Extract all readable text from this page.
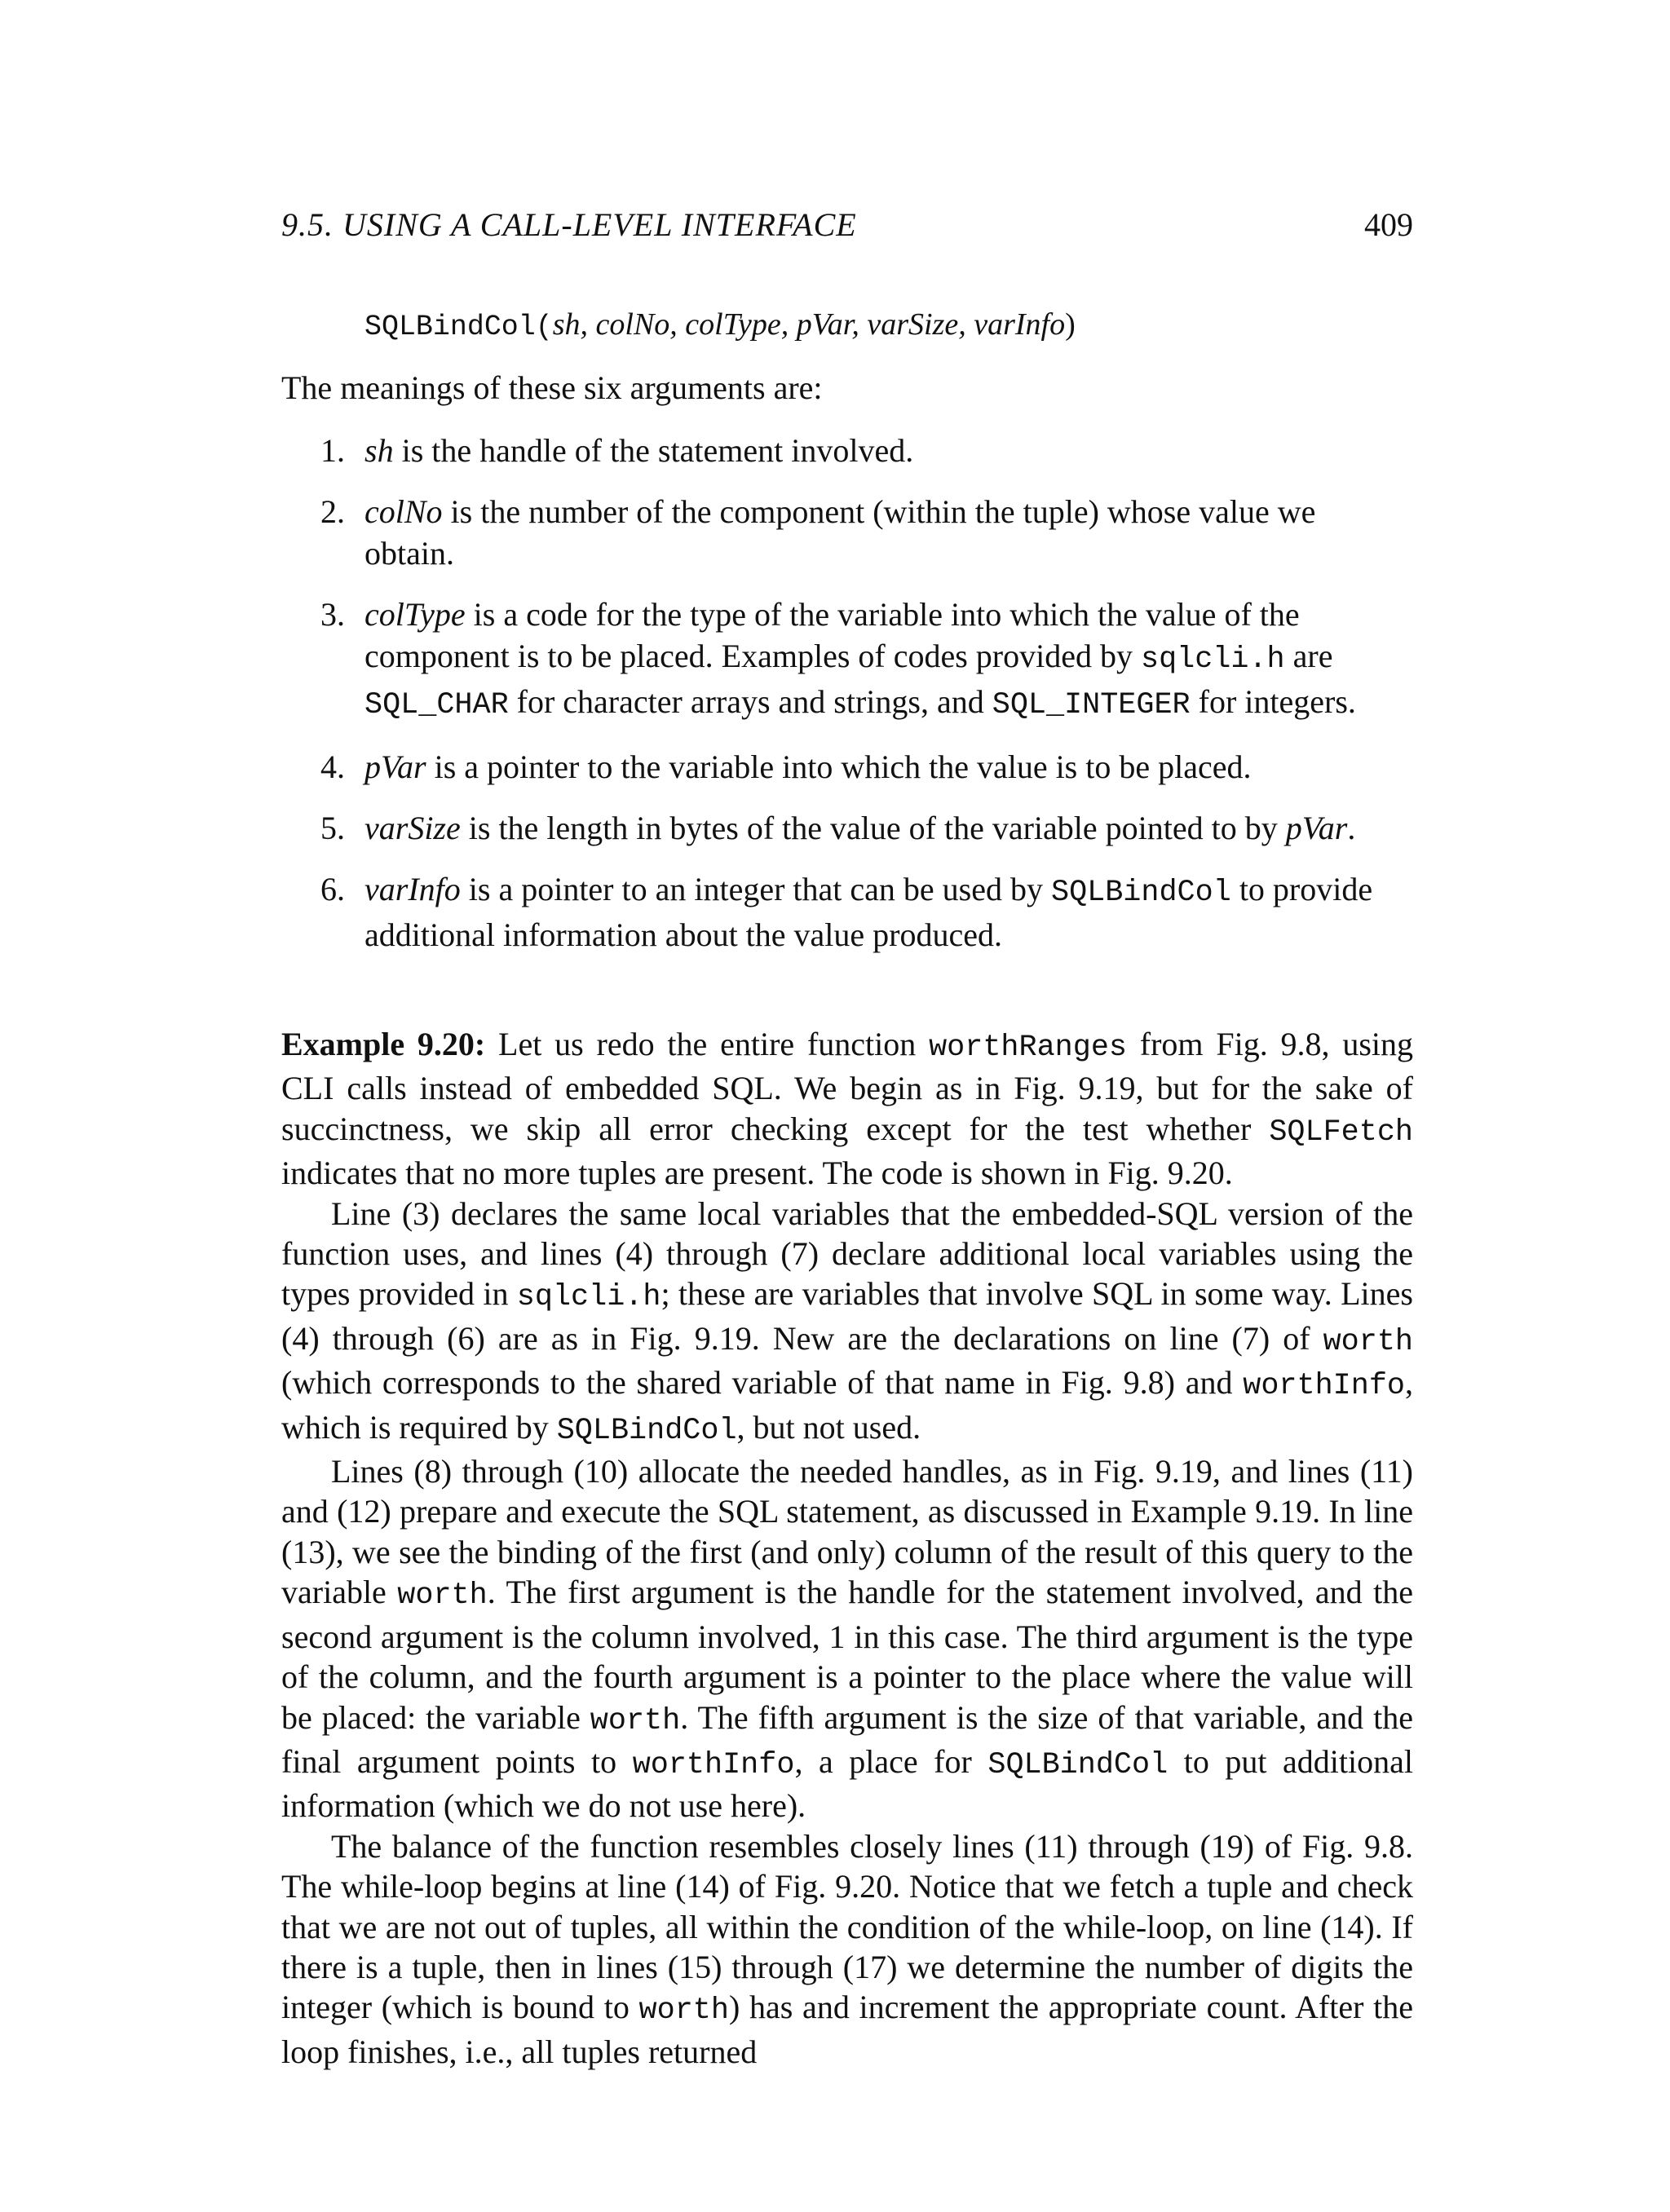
9.5. USING A CALL-LEVEL INTERFACE	409
SQLBindCol(sh, colNo, colType, pVar, varSize, varInfo)
The meanings of these six arguments are:
1. sh is the handle of the statement involved.
2. colNo is the number of the component (within the tuple) whose value we obtain.
3. colType is a code for the type of the variable into which the value of the component is to be placed. Examples of codes provided by sqlcli.h are SQL_CHAR for character arrays and strings, and SQL_INTEGER for integers.
4. pVar is a pointer to the variable into which the value is to be placed.
5. varSize is the length in bytes of the value of the variable pointed to by pVar.
6. varInfo is a pointer to an integer that can be used by SQLBindCol to provide additional information about the value produced.

Example 9.20: Let us redo the entire function worthRanges from Fig. 9.8, using CLI calls instead of embedded SQL. We begin as in Fig. 9.19, but for the sake of succinctness, we skip all error checking except for the test whether SQLFetch indicates that no more tuples are present. The code is shown in Fig. 9.20.

Line (3) declares the same local variables that the embedded-SQL version of the function uses, and lines (4) through (7) declare additional local variables using the types provided in sqlcli.h; these are variables that involve SQL in some way. Lines (4) through (6) are as in Fig. 9.19. New are the declarations on line (7) of worth (which corresponds to the shared variable of that name in Fig. 9.8) and worthInfo, which is required by SQLBindCol, but not used.

Lines (8) through (10) allocate the needed handles, as in Fig. 9.19, and lines (11) and (12) prepare and execute the SQL statement, as discussed in Example 9.19. In line (13), we see the binding of the first (and only) column of the result of this query to the variable worth. The first argument is the handle for the statement involved, and the second argument is the column involved, 1 in this case. The third argument is the type of the column, and the fourth argument is a pointer to the place where the value will be placed: the variable worth. The fifth argument is the size of that variable, and the final argument points to worthInfo, a place for SQLBindCol to put additional information (which we do not use here).

The balance of the function resembles closely lines (11) through (19) of Fig. 9.8. The while-loop begins at line (14) of Fig. 9.20. Notice that we fetch a tuple and check that we are not out of tuples, all within the condition of the while-loop, on line (14). If there is a tuple, then in lines (15) through (17) we determine the number of digits the integer (which is bound to worth) has and increment the appropriate count. After the loop finishes, i.e., all tuples returned
